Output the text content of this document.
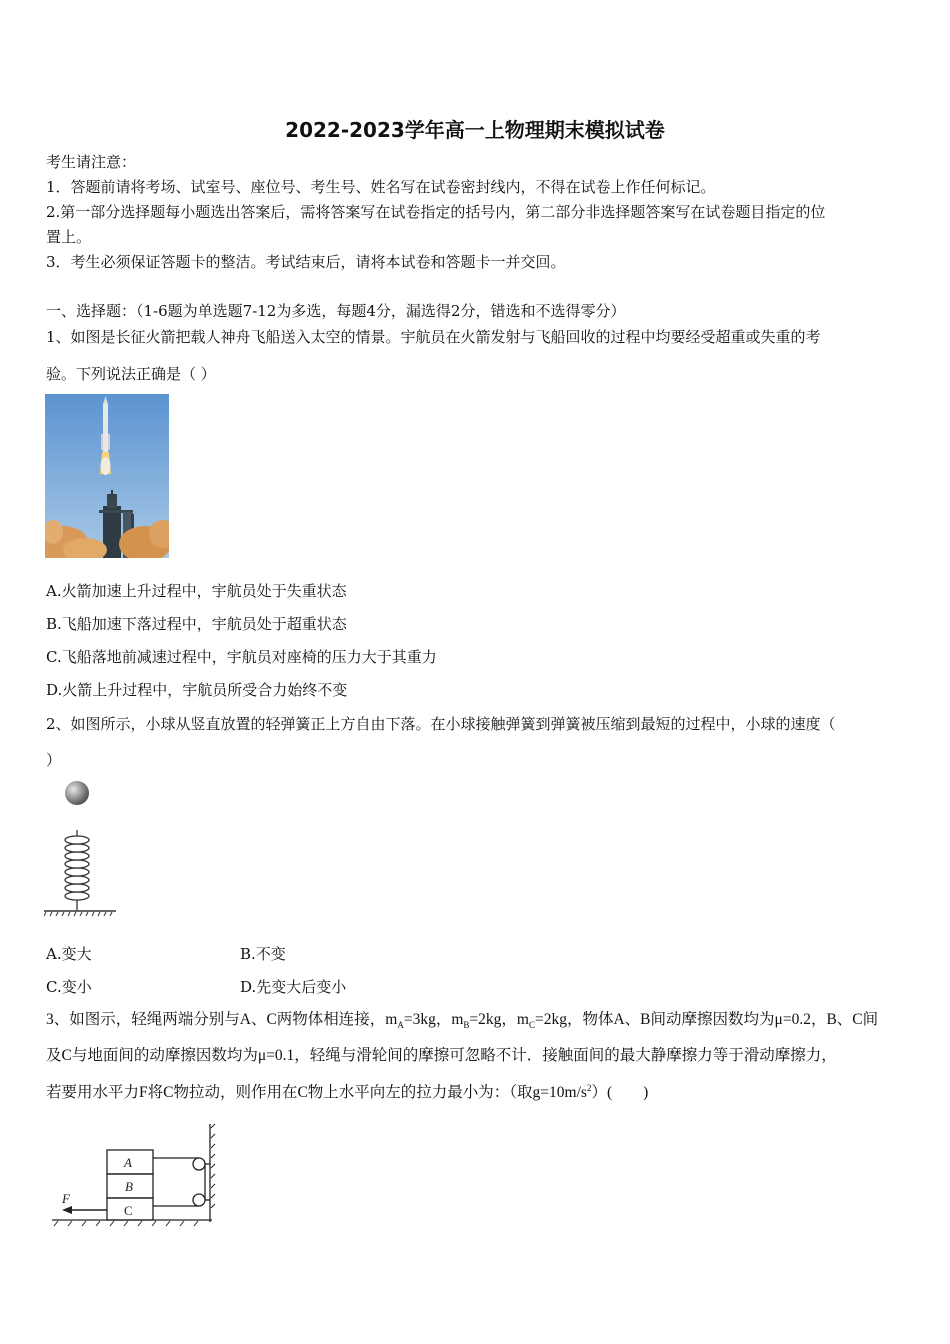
2022-2023学年高一上物理期末模拟试卷
考生请注意：
1．答题前请将考场、试室号、座位号、考生号、姓名写在试卷密封线内，不得在试卷上作任何标记。
2.第一部分选择题每小题选出答案后，需将答案写在试卷指定的括号内，第二部分非选择题答案写在试卷题目指定的位
置上。
3．考生必须保证答题卡的整洁。考试结束后，请将本试卷和答题卡一并交回。
一、选择题：（1-6题为单选题7-12为多选，每题4分，漏选得2分，错选和不选得零分）
1、如图是长征火箭把载人神舟飞船送入太空的情景。宇航员在火箭发射与飞船回收的过程中均要经受超重或失重的考
验。下列说法正确是（ ）
A.火箭加速上升过程中，宇航员处于失重状态
B.飞船加速下落过程中，宇航员处于超重状态
C.飞船落地前减速过程中，宇航员对座椅的压力大于其重力
D.火箭上升过程中，宇航员所受合力始终不变
2、如图所示，小球从竖直放置的轻弹簧正上方自由下落。在小球接触弹簧到弹簧被压缩到最短的过程中，小球的速度（
）
A.变大	B.不变
C.变小	D.先变大后变小
3、如图示，轻绳两端分别与A、C两物体相连接，$m_A=3kg$，$m_B=2kg$，$m_C=2kg$，物体A、B间动摩擦因数均为μ=0.2，B、C间
及C与地面间的动摩擦因数均为μ=0.1，轻绳与滑轮间的摩擦可忽略不计．接触面间的最大静摩擦力等于滑动摩擦力，
若要用水平力F将C物拉动，则作用在C物上水平向左的拉力最小为：（取$g=10m/s^2$）(　　)
F
A
B
C
